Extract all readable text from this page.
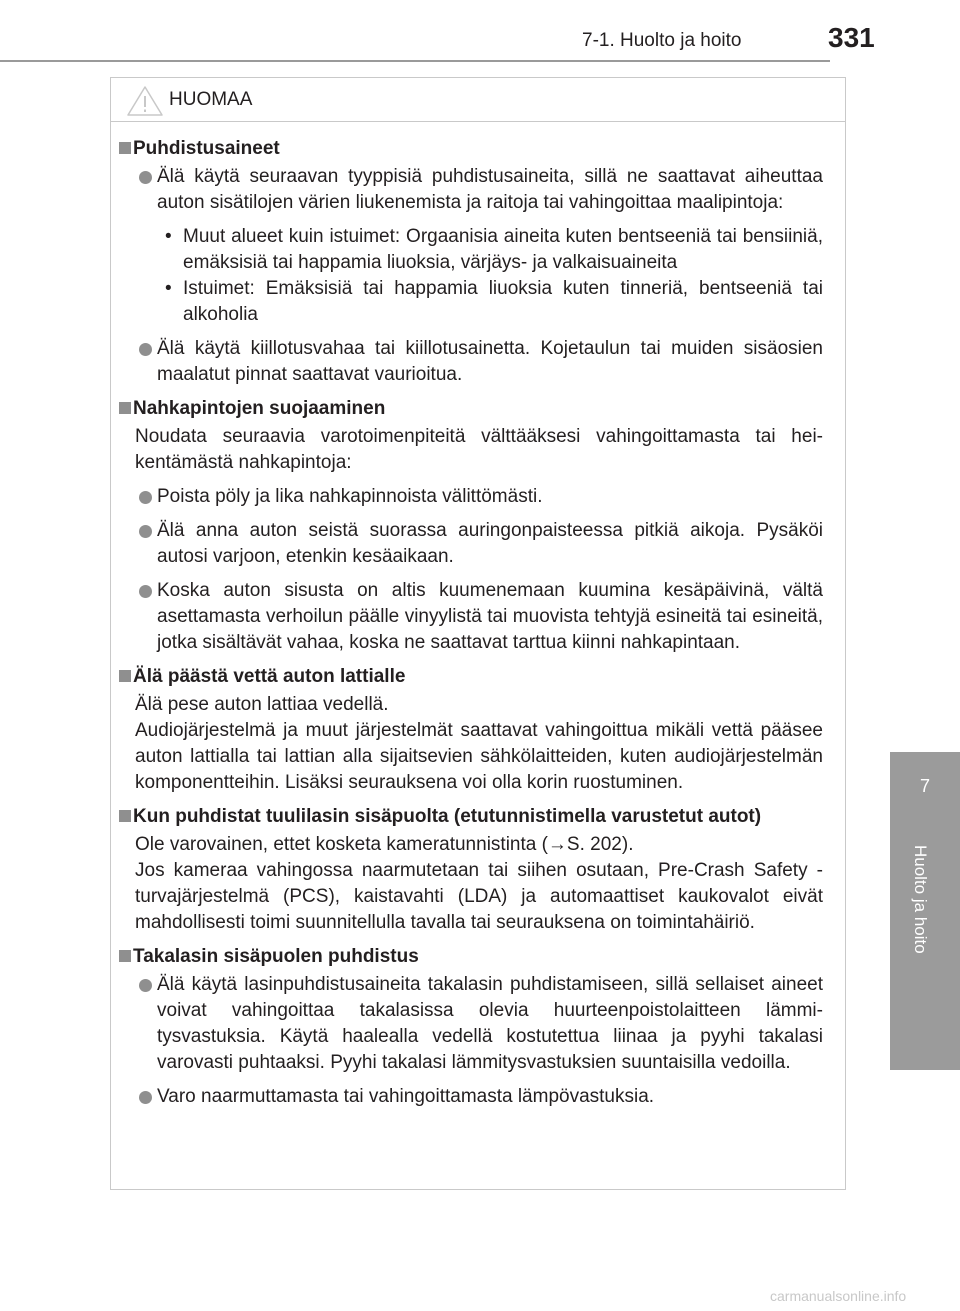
7-1. Huolto ja hoito	331
7
Huolto ja hoito
HUOMAA
Puhdistusaineet
Älä käytä seuraavan tyyppisiä puhdistusaineita, sillä ne saattavat aiheuttaa auton sisätilojen värien liukenemista ja raitoja tai vahingoittaa maalipintoja:
• Muut alueet kuin istuimet: Orgaanisia aineita kuten bentseeniä tai bensiiniä, emäksisiä tai happamia liuoksia, värjäys- ja valkaisuaineita
• Istuimet: Emäksisiä tai happamia liuoksia kuten tinneriä, bentseeniä tai alkoholia
Älä käytä kiillotusvahaa tai kiillotusainetta. Kojetaulun tai muiden sisäosien maalatut pinnat saattavat vaurioitua.
Nahkapintojen suojaaminen
Noudata seuraavia varotoimenpiteitä välttääksesi vahingoittamasta tai heikentämästä nahkapintoja:
Poista pöly ja lika nahkapinnoista välittömästi.
Älä anna auton seistä suorassa auringonpaisteessa pitkiä aikoja. Pysäköi autosi varjoon, etenkin kesäaikaan.
Koska auton sisusta on altis kuumenemaan kuumina kesäpäivinä, vältä asettamasta verhoilun päälle vinyylistä tai muovista tehtyjä esineitä tai esineitä, jotka sisältävät vahaa, koska ne saattavat tarttua kiinni nahkapintaan.
Älä päästä vettä auton lattialle
Älä pese auton lattiaa vedellä.
Audiojärjestelmä ja muut järjestelmät saattavat vahingoittua mikäli vettä pääsee auton lattialla tai lattian alla sijaitsevien sähkölaitteiden, kuten audiojärjestelmän komponentteihin. Lisäksi seurauksena voi olla korin ruostuminen.
Kun puhdistat tuulilasin sisäpuolta (etutunnistimella varustetut autot)
Ole varovainen, ettet kosketa kameratunnistinta (→S. 202).
Jos kameraa vahingossa naarmutetaan tai siihen osutaan, Pre-Crash Safety -turvajärjestelmä (PCS), kaistavahti (LDA) ja automaattiset kaukovalot eivät mahdollisesti toimi suunnitellulla tavalla tai seurauksena on toimintahäiriö.
Takalasin sisäpuolen puhdistus
Älä käytä lasinpuhdistusaineita takalasin puhdistamiseen, sillä sellaiset aineet voivat vahingoittaa takalasissa olevia huurteenpoistolaitteen lämmitysvastuksia. Käytä haalealla vedellä kostutettua liinaa ja pyyhi takalasi varovasti puhtaaksi. Pyyhi takalasi lämmitysvastuksien suuntaisilla vedoilla.
Varo naarmuttamasta tai vahingoittamasta lämpövastuksia.
carmanualsonline.info
